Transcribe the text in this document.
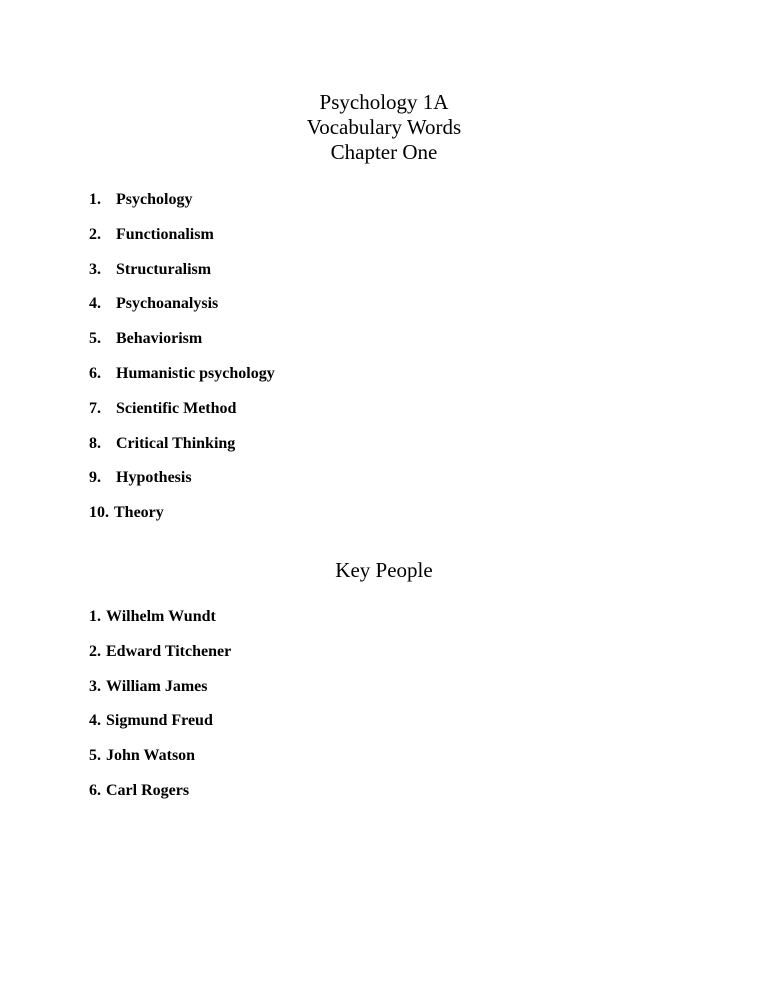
Psychology 1A
Vocabulary Words
Chapter One
1. Psychology
2. Functionalism
3. Structuralism
4. Psychoanalysis
5. Behaviorism
6. Humanistic psychology
7. Scientific Method
8. Critical Thinking
9. Hypothesis
10. Theory
Key People
1. Wilhelm Wundt
2. Edward Titchener
3. William James
4. Sigmund Freud
5. John Watson
6. Carl Rogers
